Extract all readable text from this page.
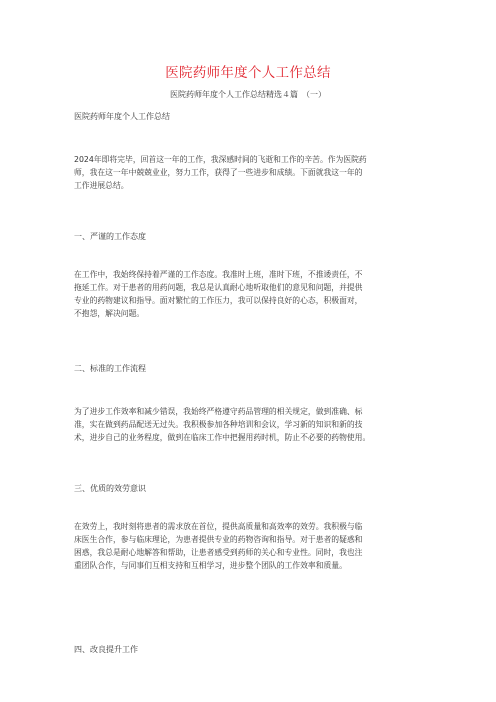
医院药师年度个人工作总结
医院药师年度个人工作总结精选４篇　（一）
医院药师年度个人工作总结

2024年即将完毕，回首这一年的工作，我深感时间的飞逝和工作的辛苦。作为医院药
师，我在这一年中兢兢业业，努力工作，获得了一些进步和成绩。下面就我这一年的
工作进展总结。

一、严谨的工作态度

在工作中，我始终保持着严谨的工作态度。我准时上班，准时下班，不推诿责任，不
拖延工作。对于患者的用药问题，我总是认真耐心地听取他们的意见和问题，并提供
专业的药物建议和指导。面对繁忙的工作压力，我可以保持良好的心态，积极面对，
不抱怨，解决问题。

二、标准的工作流程

为了进步工作效率和减少错误，我始终严格遵守药品管理的相关规定，做到准确、标
准，实在做到药品配送无过失。我积极参加各种培训和会议，学习新的知识和新的技
术，进步自己的业务程度，做到在临床工作中把握用药时机，防止不必要的药物使用。

三、优质的效劳意识

在效劳上，我时刻将患者的需求放在首位，提供高质量和高效率的效劳。我积极与临
床医生合作，参与临床理论，为患者提供专业的药物咨询和指导。对于患者的疑惑和
困惑，我总是耐心地解答和帮助，让患者感受到药师的关心和专业性。同时，我也注
重团队合作，与同事们互相支持和互相学习，进步整个团队的工作效率和质量。

四、改良提升工作
